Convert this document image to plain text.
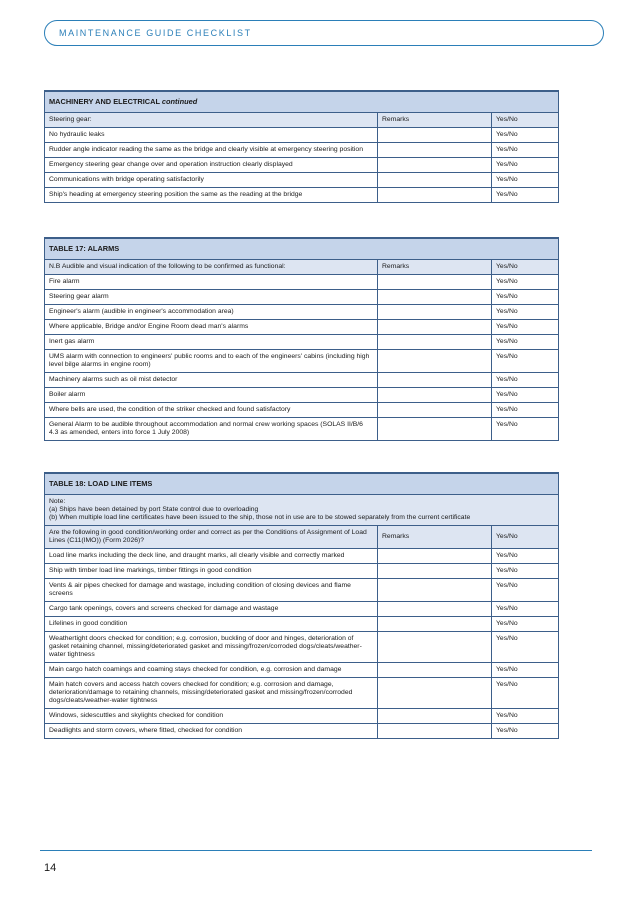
MAINTENANCE GUIDE CHECKLIST
MACHINERY AND ELECTRICAL continued		
Steering gear:	Remarks	Yes/No
No hydraulic leaks		Yes/No
Rudder angle indicator reading the same as the bridge and clearly visible at emergency steering position		Yes/No
Emergency steering gear change over and operation instruction clearly displayed		Yes/No
Communications with bridge operating satisfactorily		Yes/No
Ship's heading at emergency steering position the same as the reading at the bridge		Yes/No
TABLE 17: ALARMS		
N.B Audible and visual indication of the following to be confirmed as functional:	Remarks	Yes/No
Fire alarm		Yes/No
Steering gear alarm		Yes/No
Engineer's alarm (audible in engineer's accommodation area)		Yes/No
Where applicable, Bridge and/or Engine Room dead man's alarms		Yes/No
Inert gas alarm		Yes/No
UMS alarm with connection to engineers' public rooms and to each of the engineers' cabins (including high level bilge alarms in engine room)		Yes/No
Machinery alarms such as oil mist detector		Yes/No
Boiler alarm		Yes/No
Where bells are used, the condition of the striker checked and found satisfactory		Yes/No
General Alarm to be audible throughout accommodation and normal crew working spaces (SOLAS II/B/6 4.3 as amended, enters into force 1 July 2008)		Yes/No
TABLE 18: LOAD LINE ITEMS		

Note:
(a) Ships have been detained by port State control due to overloading
(b) When multiple load line certificates have been issued to the ship, those not in use are to be stowed separately from the current certificate		

Are the following in good condition/working order and correct as per the Conditions of Assignment of Load Lines (C11(IMO)) (Form 2026)?	Remarks	Yes/No
Load line marks including the deck line, and draught marks, all clearly visible and correctly marked		Yes/No
Ship with timber load line markings, timber fittings in good condition		Yes/No
Vents & air pipes checked for damage and wastage, including condition of closing devices and flame screens		Yes/No
Cargo tank openings, covers and screens checked for damage and wastage		Yes/No
Lifelines in good condition		Yes/No
Weathertight doors checked for condition; e.g. corrosion, buckling of door and hinges, deterioration of gasket retaining channel, missing/deteriorated gasket and missing/frozen/corroded dogs/cleats/weather-water tightness		Yes/No
Main cargo hatch coamings and coaming stays checked for condition, e.g. corrosion and damage		Yes/No
Main hatch covers and access hatch covers checked for condition; e.g. corrosion and damage, deterioration/damage to retaining channels, missing/deteriorated gasket and missing/frozen/corroded dogs/cleats/weather-water tightness		Yes/No
Windows, sidescuttles and skylights checked for condition		Yes/No
Deadlights and storm covers, where fitted, checked for condition		Yes/No
14
